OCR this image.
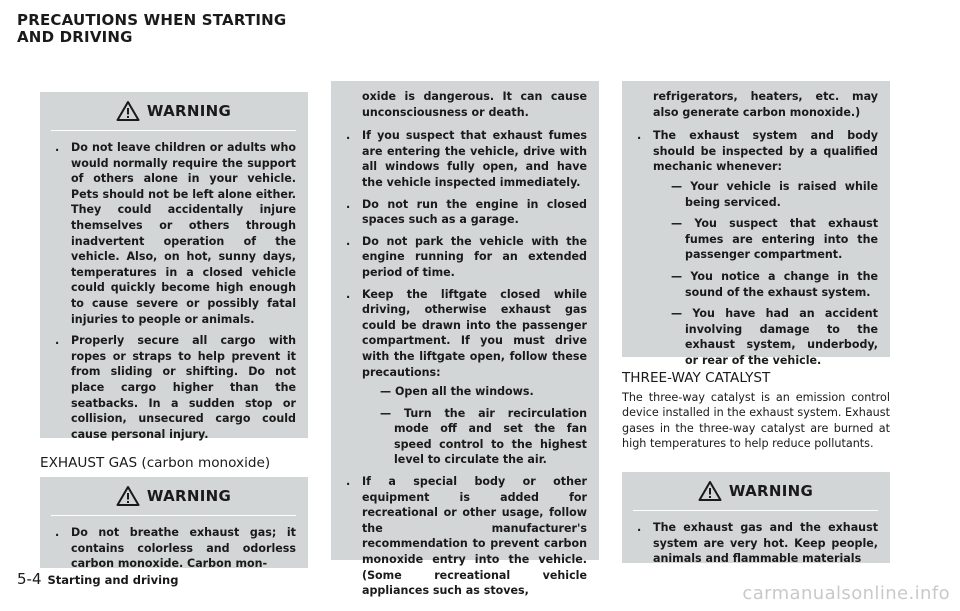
PRECAUTIONS WHEN STARTING
AND DRIVING
WARNING
. Do not leave children or adults who would normally require the support of others alone in your vehicle. Pets should not be left alone either. They could accidentally injure themselves or others through inadvertent operation of the vehicle. Also, on hot, sunny days, temperatures in a closed vehicle could quickly become high enough to cause severe or possibly fatal injuries to people or animals.
. Properly secure all cargo with ropes or straps to help prevent it from sliding or shifting. Do not place cargo higher than the seatbacks. In a sudden stop or collision, unsecured cargo could cause personal injury.
EXHAUST GAS (carbon monoxide)
WARNING
. Do not breathe exhaust gas; it contains colorless and odorless carbon monoxide. Carbon mon-
oxide is dangerous. It can cause unconsciousness or death.
. If you suspect that exhaust fumes are entering the vehicle, drive with all windows fully open, and have the vehicle inspected immediately.
. Do not run the engine in closed spaces such as a garage.
. Do not park the vehicle with the engine running for an extended period of time.
. Keep the liftgate closed while driving, otherwise exhaust gas could be drawn into the passenger compartment. If you must drive with the liftgate open, follow these precautions:
— Open all the windows.
— Turn the air recirculation mode off and set the fan speed control to the highest level to circulate the air.
. If a special body or other equipment is added for recreational or other usage, follow the manufacturer's recommendation to prevent carbon monoxide entry into the vehicle. (Some recreational vehicle appliances such as stoves,
refrigerators, heaters, etc. may also generate carbon monoxide.)
. The exhaust system and body should be inspected by a qualified mechanic whenever:
— Your vehicle is raised while being serviced.
— You suspect that exhaust fumes are entering into the passenger compartment.
— You notice a change in the sound of the exhaust system.
— You have had an accident involving damage to the exhaust system, underbody, or rear of the vehicle.
THREE-WAY CATALYST
The three-way catalyst is an emission control device installed in the exhaust system. Exhaust gases in the three-way catalyst are burned at high temperatures to help reduce pollutants.
WARNING
. The exhaust gas and the exhaust system are very hot. Keep people, animals and flammable materials
5-4 Starting and driving
carmanualsonline.info
